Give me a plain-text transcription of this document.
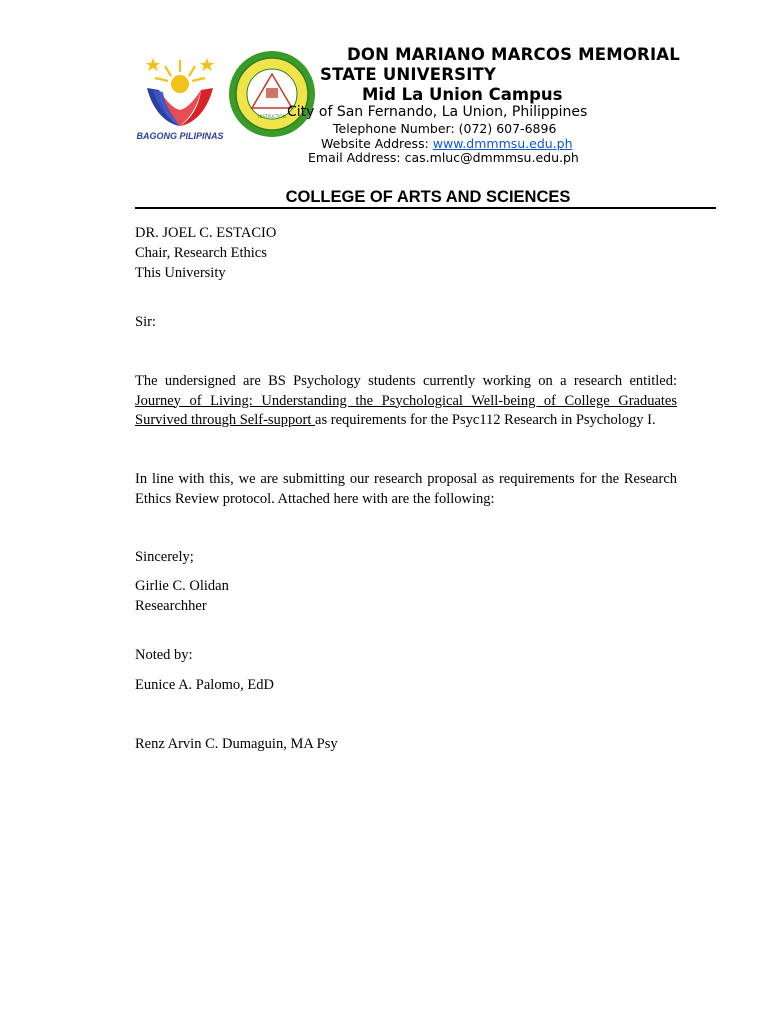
BAGONG PILIPINAS
INSTRUCTION
DON MARIANO MARCOS MEMORIAL
STATE UNIVERSITY
Mid La Union Campus
City of San Fernando, La Union, Philippines
Telephone Number: (072) 607-6896
Website Address: www.dmmmsu.edu.ph
Email Address: cas.mluc@dmmmsu.edu.ph
COLLEGE OF ARTS AND SCIENCES
DR. JOEL C. ESTACIO
Chair, Research Ethics
This University
Sir:
The undersigned are BS Psychology students currently working on a research entitled: Journey of Living: Understanding the Psychological Well-being of College Graduates Survived through Self-support as requirements for the Psyc112 Research in Psychology I.
In line with this, we are submitting our research proposal as requirements for the Research Ethics Review protocol. Attached here with are the following:
Sincerely;
Girlie C. Olidan
Researchher
Noted by:
Eunice A. Palomo, EdD
Renz Arvin C. Dumaguin, MA Psy
